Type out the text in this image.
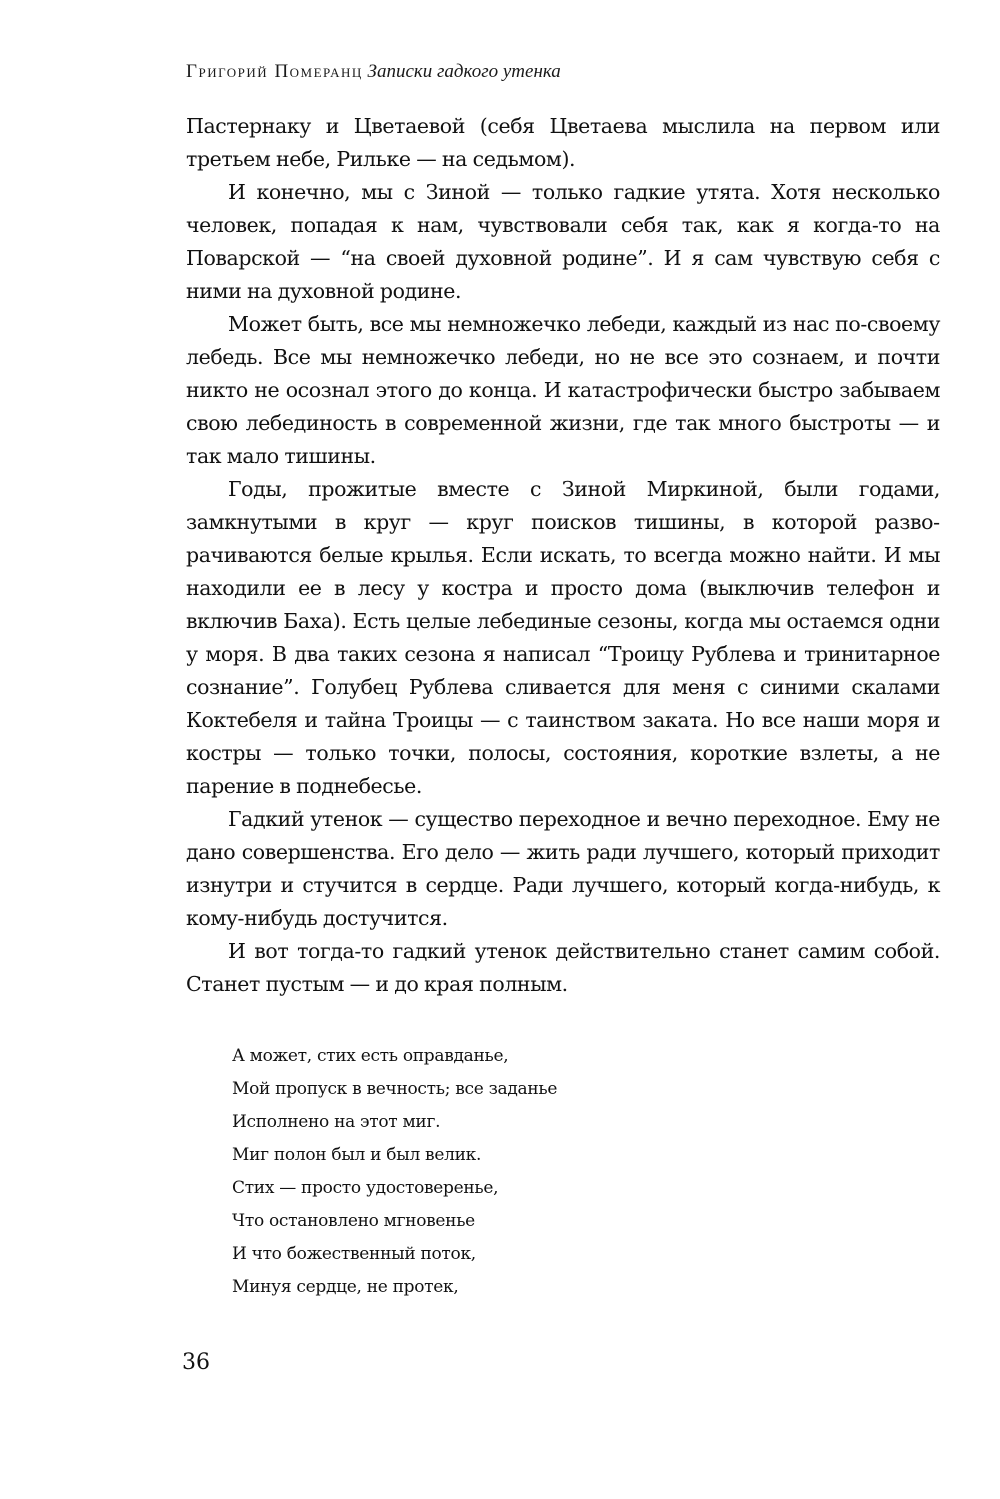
Григорий Померанц Записки гадкого утенка

Пастернаку и Цветаевой (себя Цветаева мыслила на первом или третьем небе, Рильке — на седьмом).

И конечно, мы с Зиной — только гадкие утята. Хотя несколько человек, попадая к нам, чувствовали себя так, как я когда-то на Поварской — “на своей духовной родине”. И я сам чувствую себя с ними на духовной родине.

Может быть, все мы немножечко лебеди, каждый из нас по-своему лебедь. Все мы немножечко лебеди, но не все это сознаем, и почти никто не осознал этого до конца. И катастрофически быстро забываем свою лебединость в современной жизни, где так много быстроты — и так мало тишины.

Годы, прожитые вместе с Зиной Миркиной, были годами, замкнутыми в круг — круг поисков тишины, в которой разворачиваются белые крылья. Если искать, то всегда можно найти. И мы находили ее в лесу у костра и просто дома (выключив телефон и включив Баха). Есть целые лебединые сезоны, когда мы остаемся одни у моря. В два таких сезона я написал “Троицу Рублева и тринитарное сознание”. Голубец Рублева сливается для меня с синими скалами Коктебеля и тайна Троицы — с таинством заката. Но все наши моря и костры — только точки, полосы, состояния, короткие взлеты, а не парение в поднебесье.

Гадкий утенок — существо переходное и вечно переходное. Ему не дано совершенства. Его дело — жить ради лучшего, который приходит изнутри и стучится в сердце. Ради лучшего, который когда-нибудь, к кому-нибудь достучится.

И вот тогда-то гадкий утенок действительно станет самим собой. Станет пустым — и до края полным.

А может, стих есть оправданье,
Мой пропуск в вечность; все заданье
Исполнено на этот миг.
Миг полон был и был велик.
Стих — просто удостоверенье,
Что остановлено мгновенье
И что божественный поток,
Минуя сердце, не протек,
36
